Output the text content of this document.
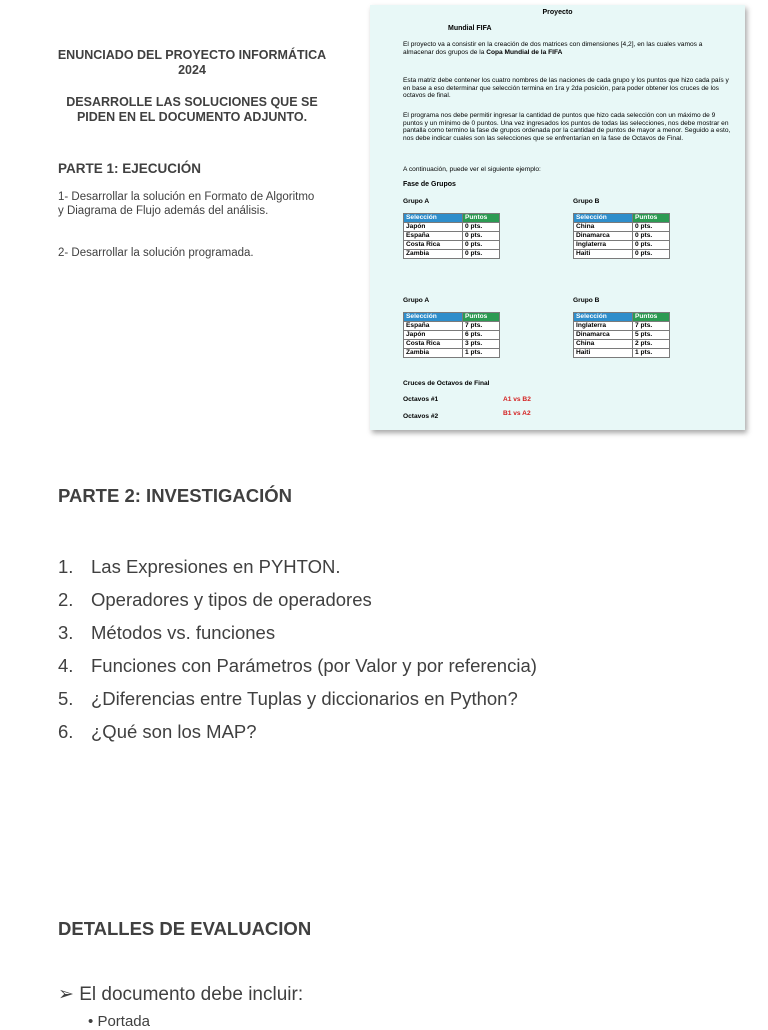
ENUNCIADO DEL PROYECTO INFORMÁTICA
2024
DESARROLLE LAS SOLUCIONES QUE SE
PIDEN EN EL DOCUMENTO ADJUNTO.
PARTE 1: EJECUCIÓN
1- Desarrollar la solución en Formato de Algoritmo y Diagrama de Flujo además del análisis.
2- Desarrollar la solución programada.
Proyecto
Mundial FIFA

El proyecto va a consistir en la creación de dos matrices con dimensiones [4,2], en las cuales vamos a almacenar dos grupos de la Copa Mundial de la FIFA

Esta matriz debe contener los cuatro nombres de las naciones de cada grupo y los puntos que hizo cada país y en base a eso determinar que selección termina en 1ra y 2da posición, para poder obtener los cruces de los octavos de final.

El programa nos debe permitir ingresar la cantidad de puntos que hizo cada selección con un máximo de 9 puntos y un mínimo de 0 puntos. Una vez ingresados los puntos de todas las selecciones, nos debe mostrar en pantalla como termino la fase de grupos ordenada por la cantidad de puntos de mayor a menor. Seguido a esto, nos debe indicar cuales son las selecciones que se enfrentarían en la fase de Octavos de Final.

A continuación, puede ver el siguiente ejemplo:

Fase de Grupos
Grupo A	Grupo B
Selección	Puntos
Japón	0 pts.
España	0 pts.
Costa Rica	0 pts.
Zambia	0 pts.
Selección	Puntos
China	0 pts.
Dinamarca	0 pts.
Inglaterra	0 pts.
Haiti	0 pts.
Grupo A	Grupo B
Selección	Puntos
España	7 pts.
Japón	6 pts.
Costa Rica	3 pts.
Zambia	1 pts.
Selección	Puntos
Inglaterra	7 pts.
Dinamarca	5 pts.
China	2 pts.
Haiti	1 pts.
Cruces de Octavos de Final
Octavos #1	A1 vs B2
Octavos #2	B1 vs A2
PARTE 2: INVESTIGACIÓN
1. Las Expresiones en PYHTON.
2. Operadores y tipos de operadores
3. Métodos vs. funciones
4. Funciones con Parámetros (por Valor y por referencia)
5. ¿Diferencias entre Tuplas y diccionarios en Python?
6. ¿Qué son los MAP?
DETALLES DE EVALUACION
➢ El documento debe incluir:
• Portada
